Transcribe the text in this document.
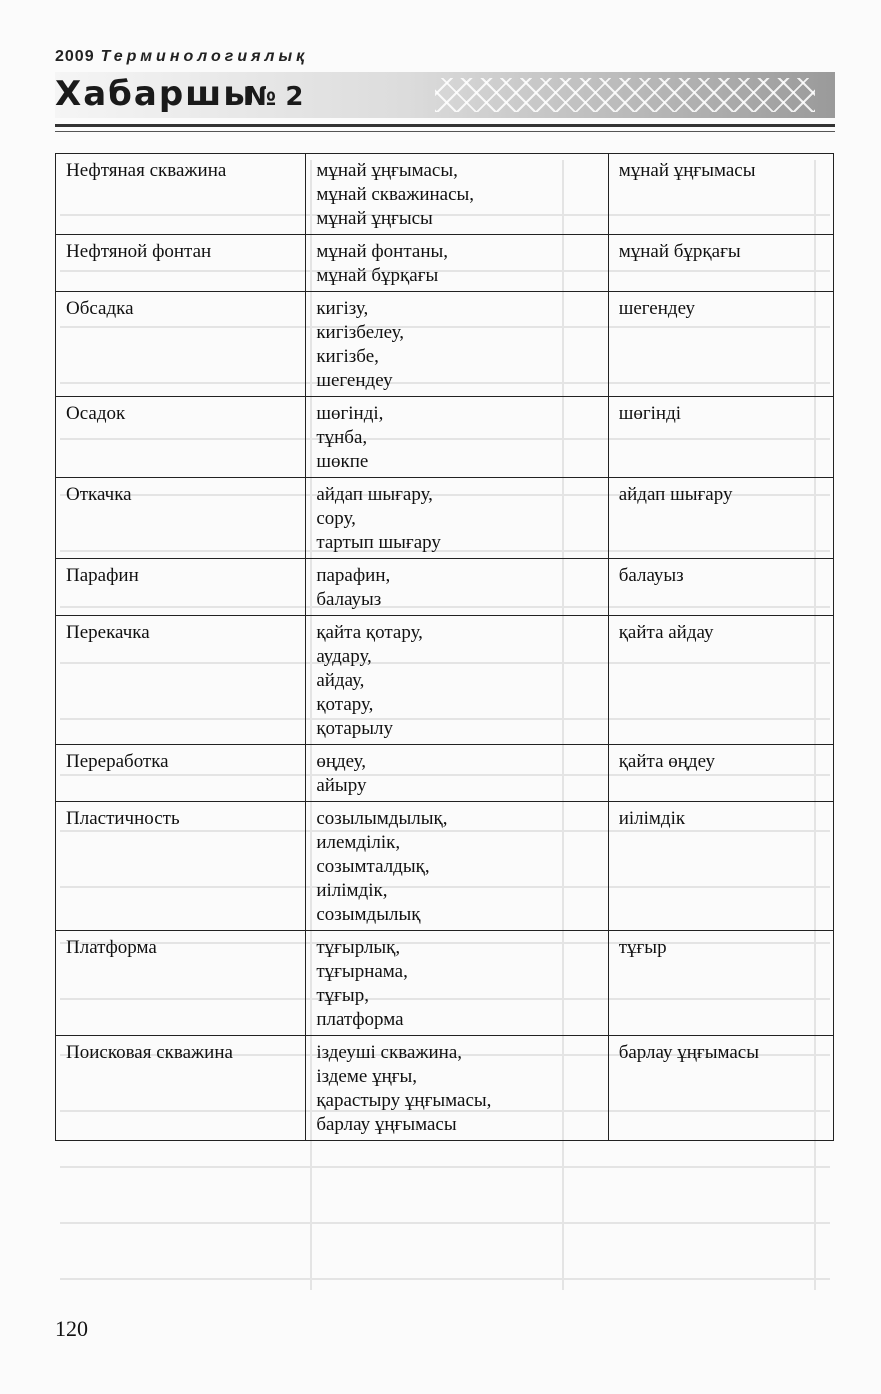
2009 Терминологиялық
Хабаршы
№ 2
Нефтяная скважина	мұнай ұңғымасы,
мұнай скважинасы,
мұнай ұңғысы	мұнай ұңғымасы
Нефтяной фонтан	мұнай фонтаны,
мұнай бұрқағы	мұнай бұрқағы
Обсадка	кигізу,
кигізбелеу,
кигізбе,
шегендеу	шегендеу
Осадок	шөгінді,
тұнба,
шөкпе	шөгінді
Откачка	айдап шығару,
сору,
тартып шығару	айдап шығару
Парафин	парафин,
балауыз	балауыз
Перекачка	қайта қотару,
аудару,
айдау,
қотару,
қотарылу	қайта айдау
Переработка	өңдеу,
айыру	қайта өңдеу
Пластичность	созылымдылық,
илемділік,
созымталдық,
иілімдік,
созымдылық	иілімдік
Платформа	тұғырлық,
тұғырнама,
тұғыр,
платформа	тұғыр
Поисковая скважина	іздеуші скважина,
іздеме ұңғы,
қарастыру ұңғымасы,
барлау ұңғымасы	барлау ұңғымасы
120
